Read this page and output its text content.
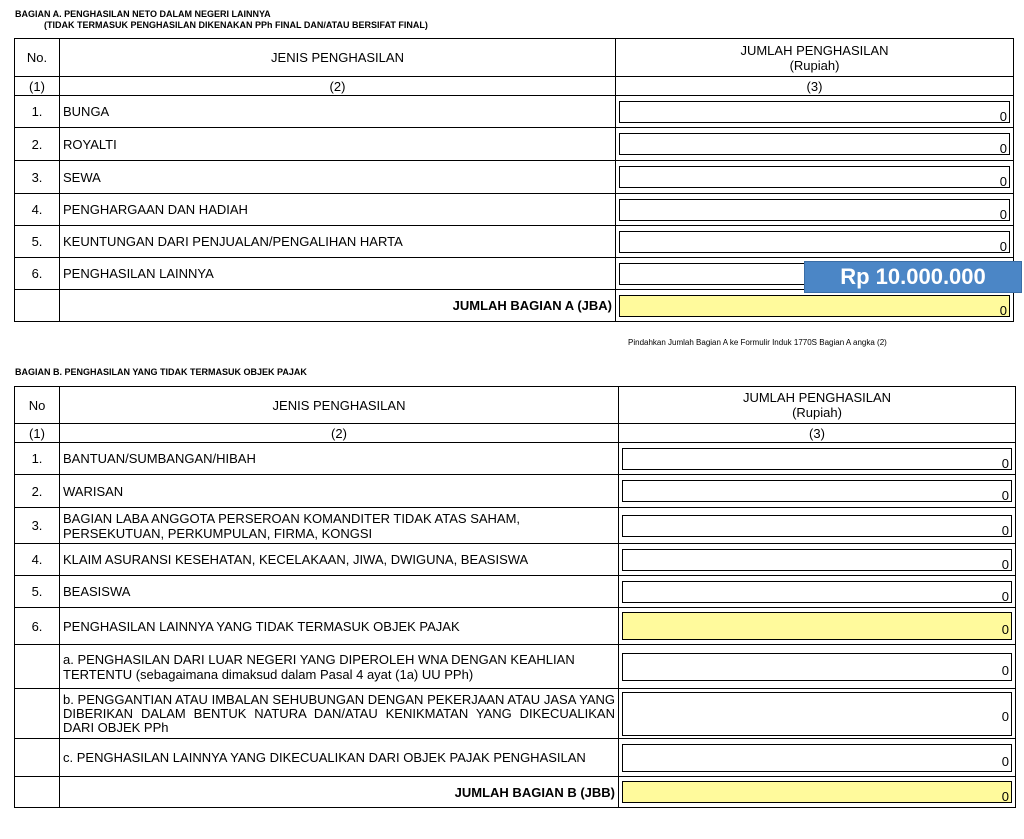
BAGIAN A. PENGHASILAN NETO DALAM NEGERI LAINNYA
(TIDAK TERMASUK PENGHASILAN DIKENAKAN PPh FINAL DAN/ATAU BERSIFAT FINAL)
No.	JENIS PENGHASILAN	JUMLAH PENGHASILAN
(Rupiah)
(1)	(2)	(3)
1.	BUNGA	0

2.	ROYALTI	0

3.	SEWA	0

4.	PENGHARGAAN DAN HADIAH	0

5.	KEUNTUNGAN DARI PENJUALAN/PENGALIHAN HARTA	0

6.	PENGHASILAN LAINNYA	

	JUMLAH BAGIAN A (JBA)	0
Rp 10.000.000
Pindahkan Jumlah Bagian A ke Formulir Induk 1770S Bagian A angka (2)
BAGIAN B. PENGHASILAN YANG TIDAK TERMASUK OBJEK PAJAK
No	JENIS PENGHASILAN	JUMLAH PENGHASILAN
(Rupiah)
(1)	(2)	(3)
1.	BANTUAN/SUMBANGAN/HIBAH	0

2.	WARISAN	0

3.	BAGIAN LABA ANGGOTA PERSEROAN KOMANDITER TIDAK ATAS SAHAM, PERSEKUTUAN, PERKUMPULAN, FIRMA, KONGSI	0

4.	KLAIM ASURANSI KESEHATAN, KECELAKAAN, JIWA, DWIGUNA, BEASISWA	0

5.	BEASISWA	0

6.	PENGHASILAN LAINNYA YANG TIDAK TERMASUK OBJEK PAJAK	0

	a. PENGHASILAN DARI LUAR NEGERI YANG DIPEROLEH WNA DENGAN KEAHLIAN TERTENTU (sebagaimana dimaksud dalam Pasal 4 ayat (1a) UU PPh)	0

	b. PENGGANTIAN ATAU IMBALAN SEHUBUNGAN DENGAN PEKERJAAN ATAU JASA YANG DIBERIKAN DALAM BENTUK NATURA DAN/ATAU KENIKMATAN YANG DIKECUALIKAN DARI OBJEK PPh	0

	c. PENGHASILAN LAINNYA YANG DIKECUALIKAN DARI OBJEK PAJAK PENGHASILAN	0

	JUMLAH BAGIAN B (JBB)	0
